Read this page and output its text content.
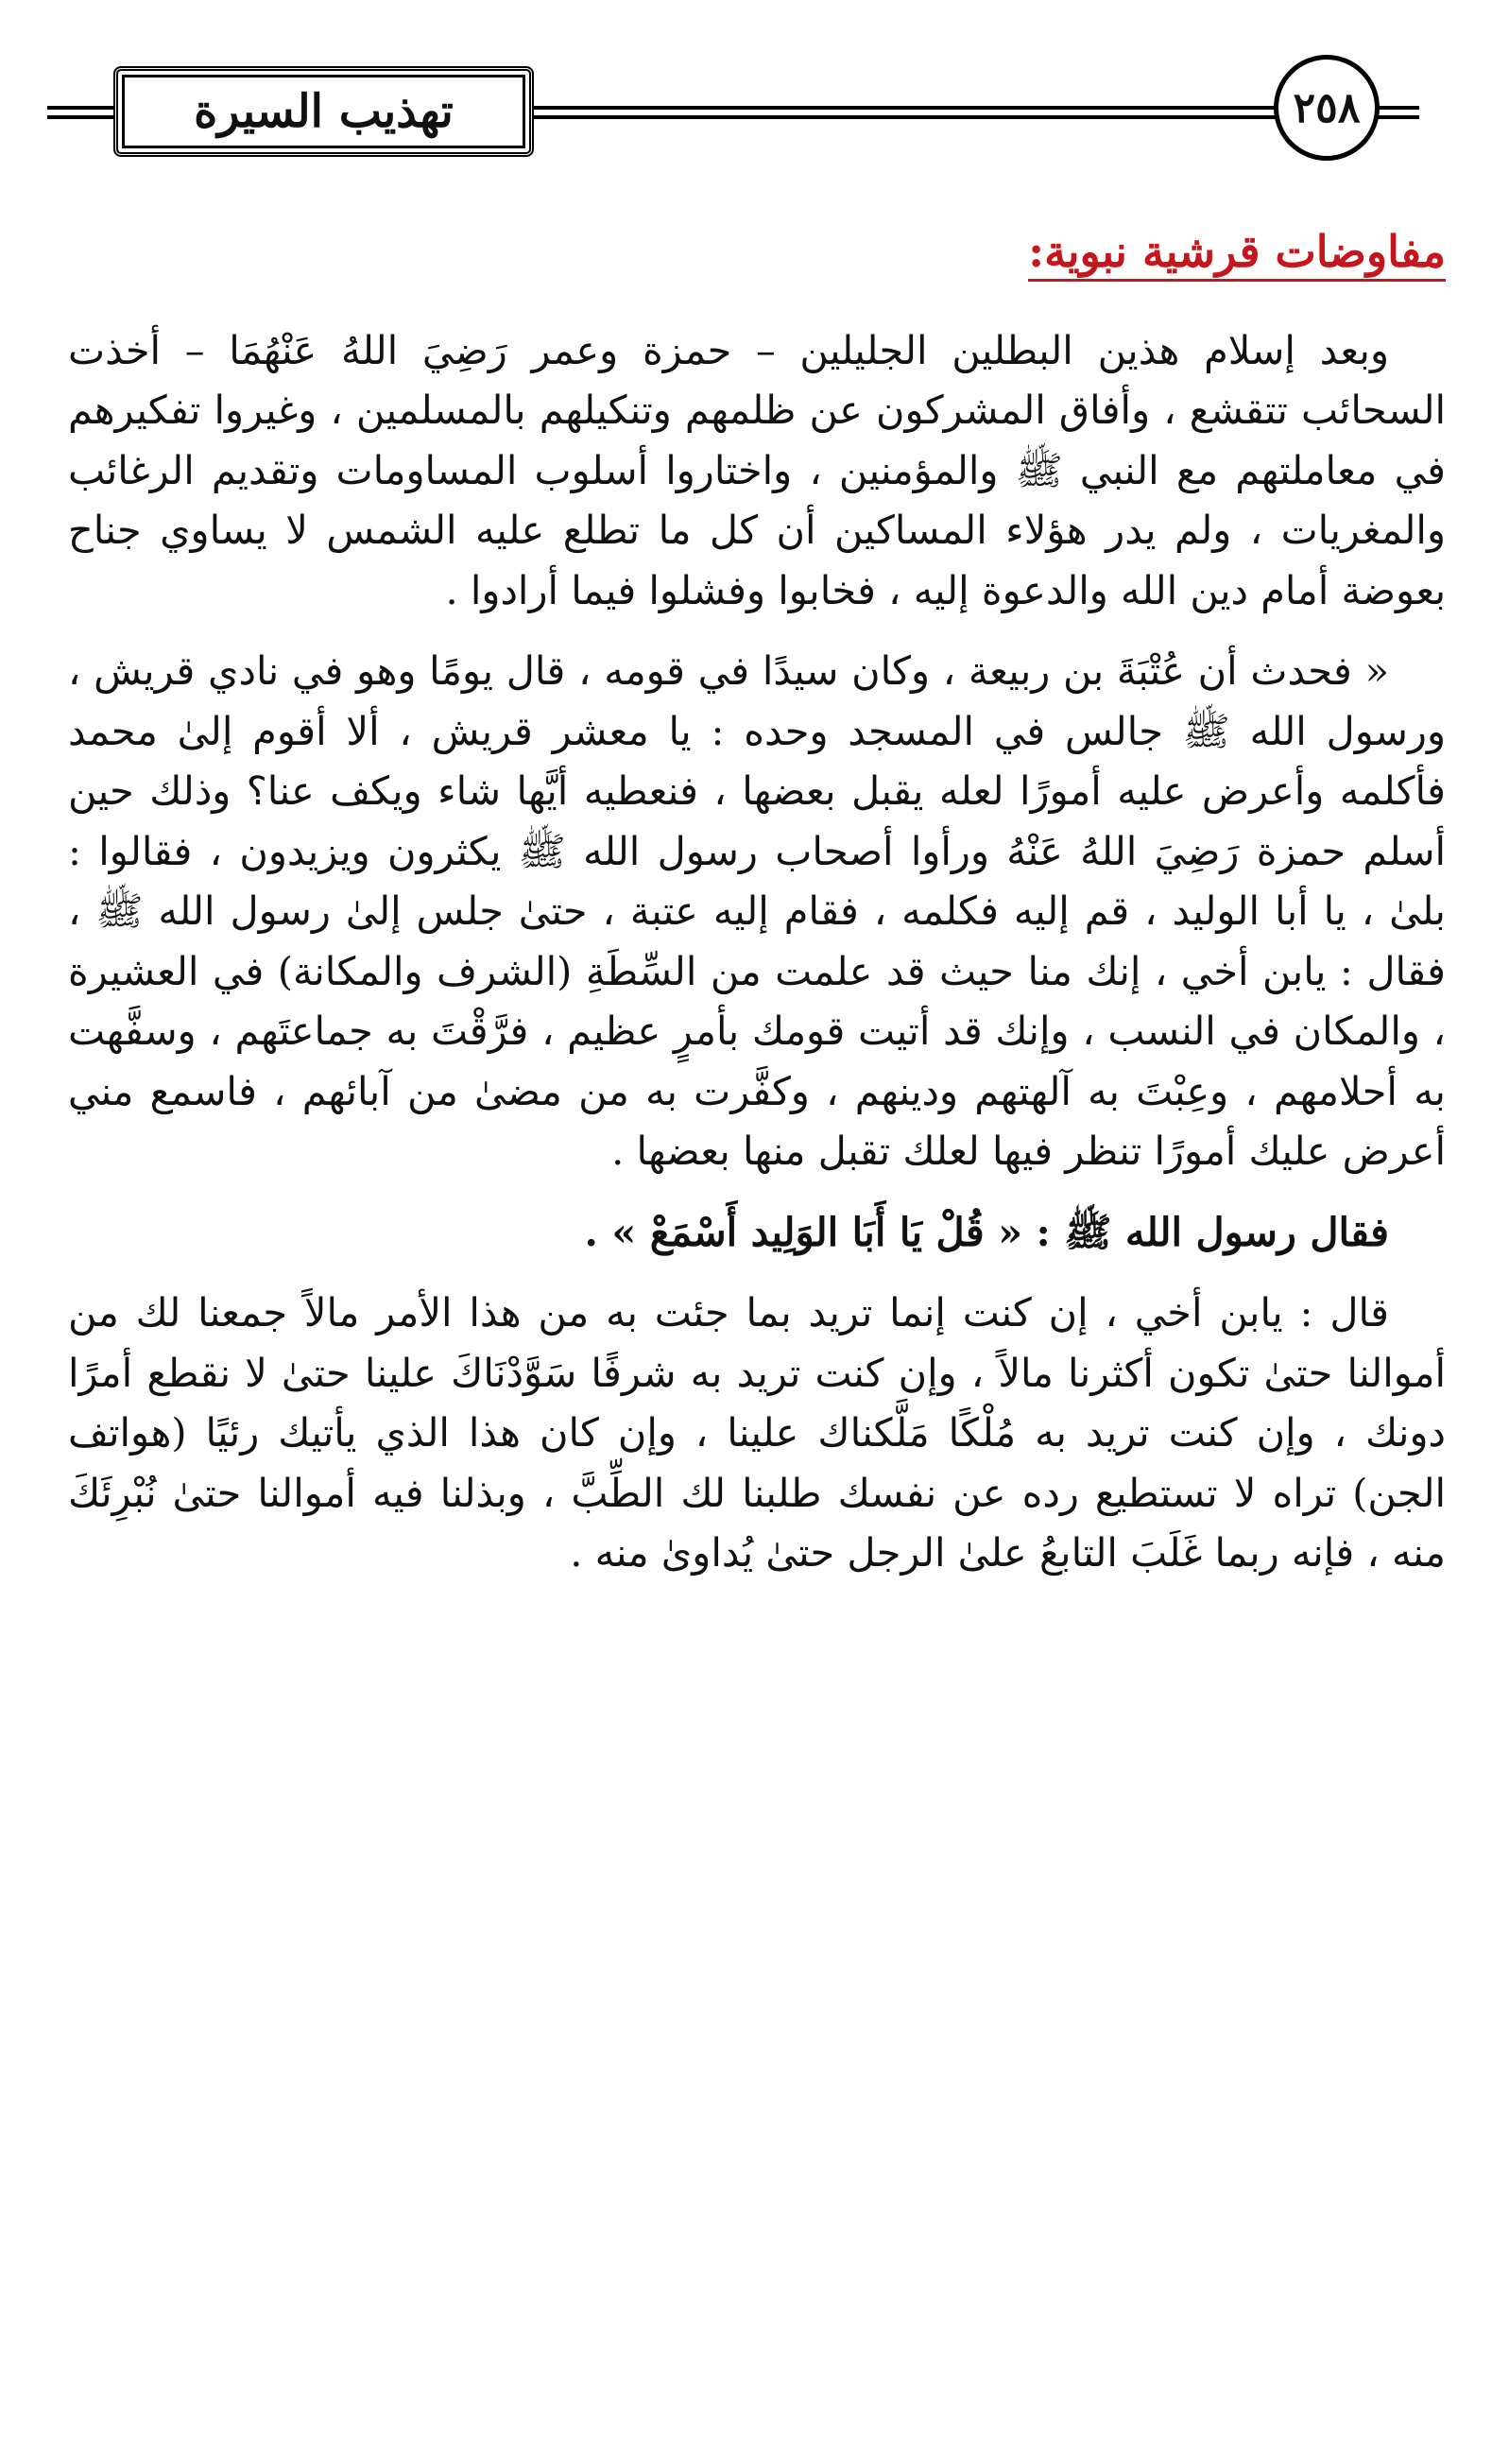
تهذيب السيرة	٢٥٨
مفاوضات قرشية نبوية:

وبعد إسلام هذين البطلين الجليلين – حمزة وعمر رَضِيَ اللهُ عَنْهُمَا – أخذت السحائب تتقشع ، وأفاق المشركون عن ظلمهم وتنكيلهم بالمسلمين ، وغيروا تفكيرهم في معاملتهم مع النبي ﷺ والمؤمنين ، واختاروا أسلوب المساومات وتقديم الرغائب والمغريات ، ولم يدر هؤلاء المساكين أن كل ما تطلع عليه الشمس لا يساوي جناح بعوضة أمام دين الله والدعوة إليه ، فخابوا وفشلوا فيما أرادوا .

« فحدث أن عُتْبَةَ بن ربيعة ، وكان سيدًا في قومه ، قال يومًا وهو في نادي قريش ، ورسول الله ﷺ جالس في المسجد وحده : يا معشر قريش ، ألا أقوم إلىٰ محمد فأكلمه وأعرض عليه أمورًا لعله يقبل بعضها ، فنعطيه أيَّها شاء ويكف عنا؟ وذلك حين أسلم حمزة رَضِيَ اللهُ عَنْهُ ورأوا أصحاب رسول الله ﷺ يكثرون ويزيدون ، فقالوا : بلىٰ ، يا أبا الوليد ، قم إليه فكلمه ، فقام إليه عتبة ، حتىٰ جلس إلىٰ رسول الله ﷺ ، فقال : يابن أخي ، إنك منا حيث قد علمت من السِّطَةِ (الشرف والمكانة) في العشيرة ، والمكان في النسب ، وإنك قد أتيت قومك بأمرٍ عظيم ، فرَّقْتَ به جماعتَهم ، وسفَّهت به أحلامهم ، وعِبْتَ به آلهتهم ودينهم ، وكفَّرت به من مضىٰ من آبائهم ، فاسمع مني أعرض عليك أمورًا تنظر فيها لعلك تقبل منها بعضها .

فقال رسول الله ﷺ : « قُلْ يَا أَبَا الوَلِيد أَسْمَعْ » .

قال : يابن أخي ، إن كنت إنما تريد بما جئت به من هذا الأمر مالاً جمعنا لك من أموالنا حتىٰ تكون أكثرنا مالاً ، وإن كنت تريد به شرفًا سَوَّدْنَاكَ علينا حتىٰ لا نقطع أمرًا دونك ، وإن كنت تريد به مُلْكًا مَلَّكناك علينا ، وإن كان هذا الذي يأتيك رئيًا (هواتف الجن) تراه لا تستطيع رده عن نفسك طلبنا لك الطِّبَّ ، وبذلنا فيه أموالنا حتىٰ نُبْرِئَكَ منه ، فإنه ربما غَلَبَ التابعُ علىٰ الرجل حتىٰ يُداوىٰ منه .
